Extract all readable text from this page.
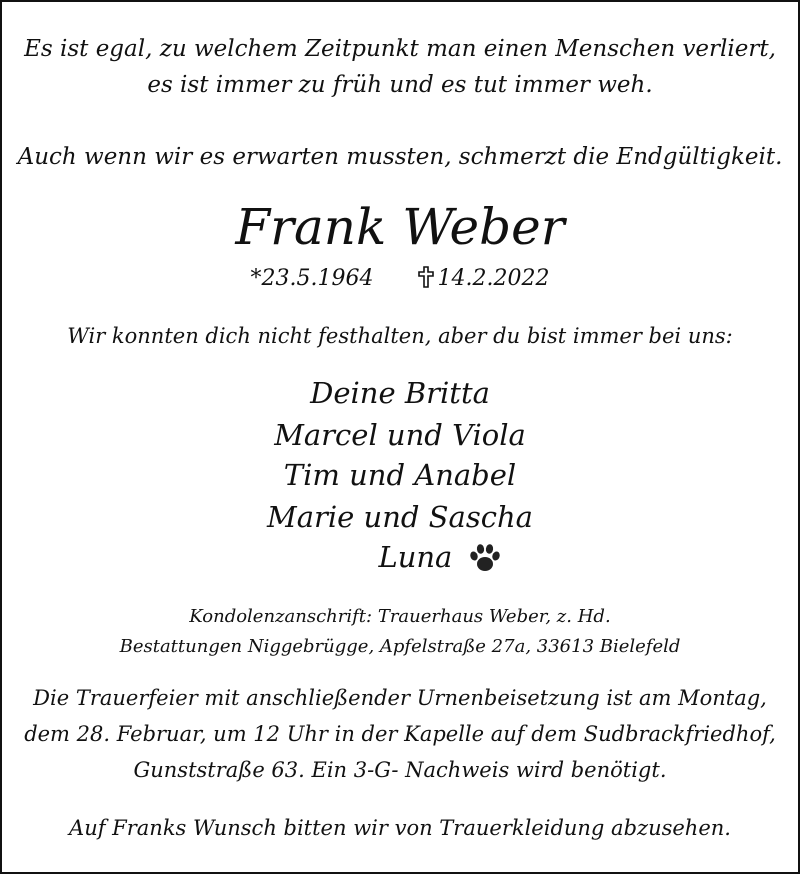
Es ist egal, zu welchem Zeitpunkt man einen Menschen verliert,
es ist immer zu früh und es tut immer weh.
Auch wenn wir es erwarten mussten, schmerzt die Endgültigkeit.
Frank Weber
*23.5.1964	14.2.2022
Wir konnten dich nicht festhalten, aber du bist immer bei uns:
Deine Britta
Marcel und Viola
Tim und Anabel
Marie und Sascha
Luna
Kondolenzanschrift: Trauerhaus Weber, z. Hd.
Bestattungen Niggebrügge, Apfelstraße 27a, 33613 Bielefeld
Die Trauerfeier mit anschließender Urnenbeisetzung ist am Montag,
dem 28. Februar, um 12 Uhr in der Kapelle auf dem Sudbrackfriedhof,
Gunststraße 63. Ein 3-G- Nachweis wird benötigt.
Auf Franks Wunsch bitten wir von Trauerkleidung abzusehen.
